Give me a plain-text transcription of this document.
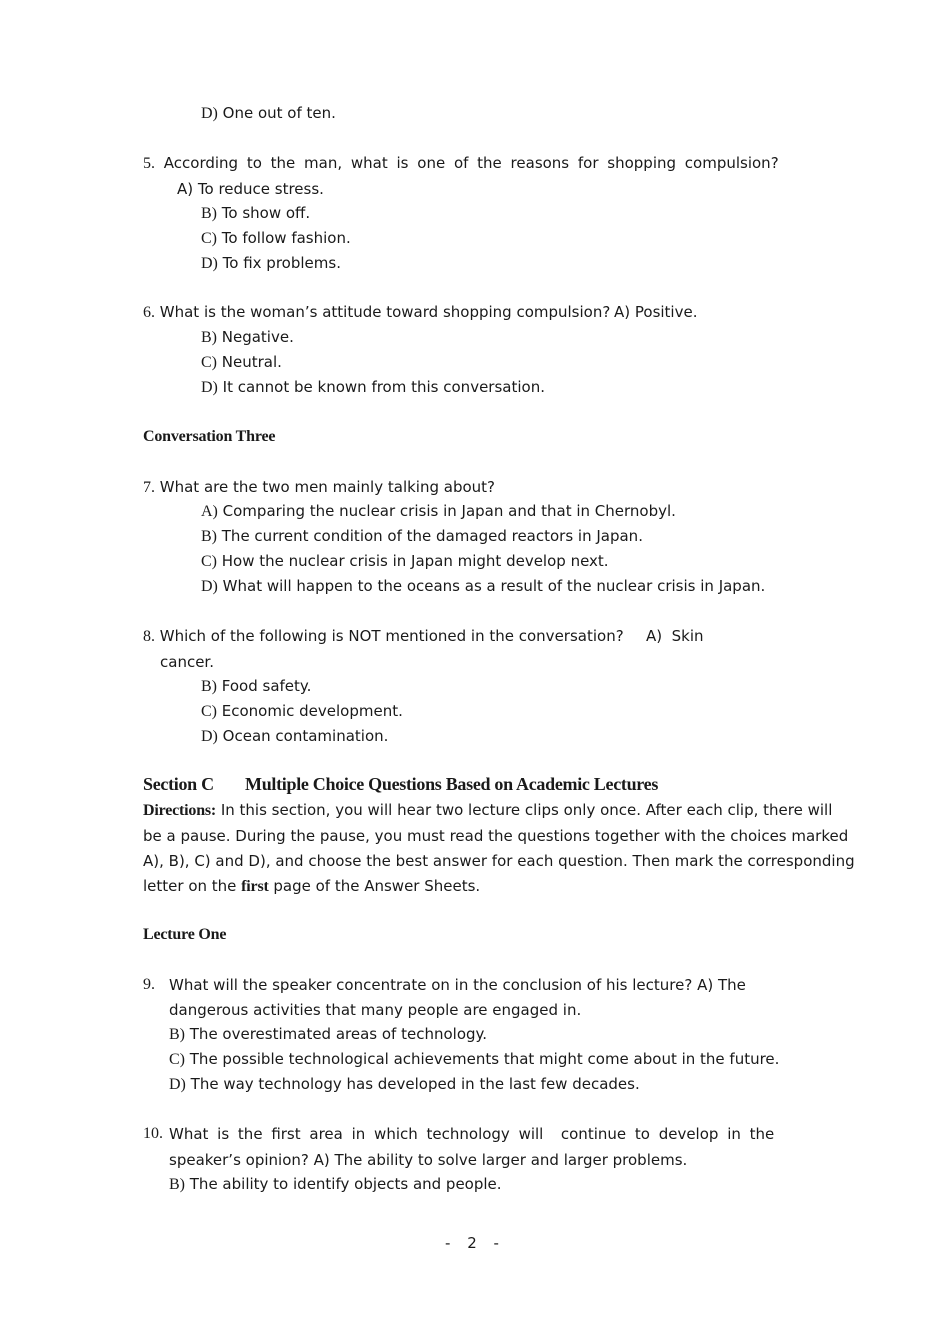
D) One out of ten.
5. According to the man, what is one of the reasons for shopping compulsion?
A) To reduce stress.
B) To show off.
C) To follow fashion.
D) To fix problems.
6. What is the woman’s attitude toward shopping compulsion? A) Positive.
B) Negative.
C) Neutral.
D) It cannot be known from this conversation.
Conversation Three
7. What are the two men mainly talking about?
A) Comparing the nuclear crisis in Japan and that in Chernobyl.
B) The current condition of the damaged reactors in Japan.
C) How the nuclear crisis in Japan might develop next.
D) What will happen to the oceans as a result of the nuclear crisis in Japan.
8. Which of the following is NOT mentioned in the conversation? A)  Skin
cancer.
B) Food safety.
C) Economic development.
D) Ocean contamination.
Section C Multiple Choice Questions Based on Academic Lectures
Directions: In this section, you will hear two lecture clips only once. After each clip, there will
be a pause. During the pause, you must read the questions together with the choices marked
A), B), C) and D), and choose the best answer for each question. Then mark the corresponding
letter on the first page of the Answer Sheets.
Lecture One
9. What will the speaker concentrate on in the conclusion of his lecture? A) The
dangerous activities that many people are engaged in.
B) The overestimated areas of technology.
C) The possible technological achievements that might come about in the future.
D) The way technology has developed in the last few decades.
10. What is the first area in which technology will  continue to develop in the
speaker’s opinion? A) The ability to solve larger and larger problems.
B) The ability to identify objects and people.
- 2 -
